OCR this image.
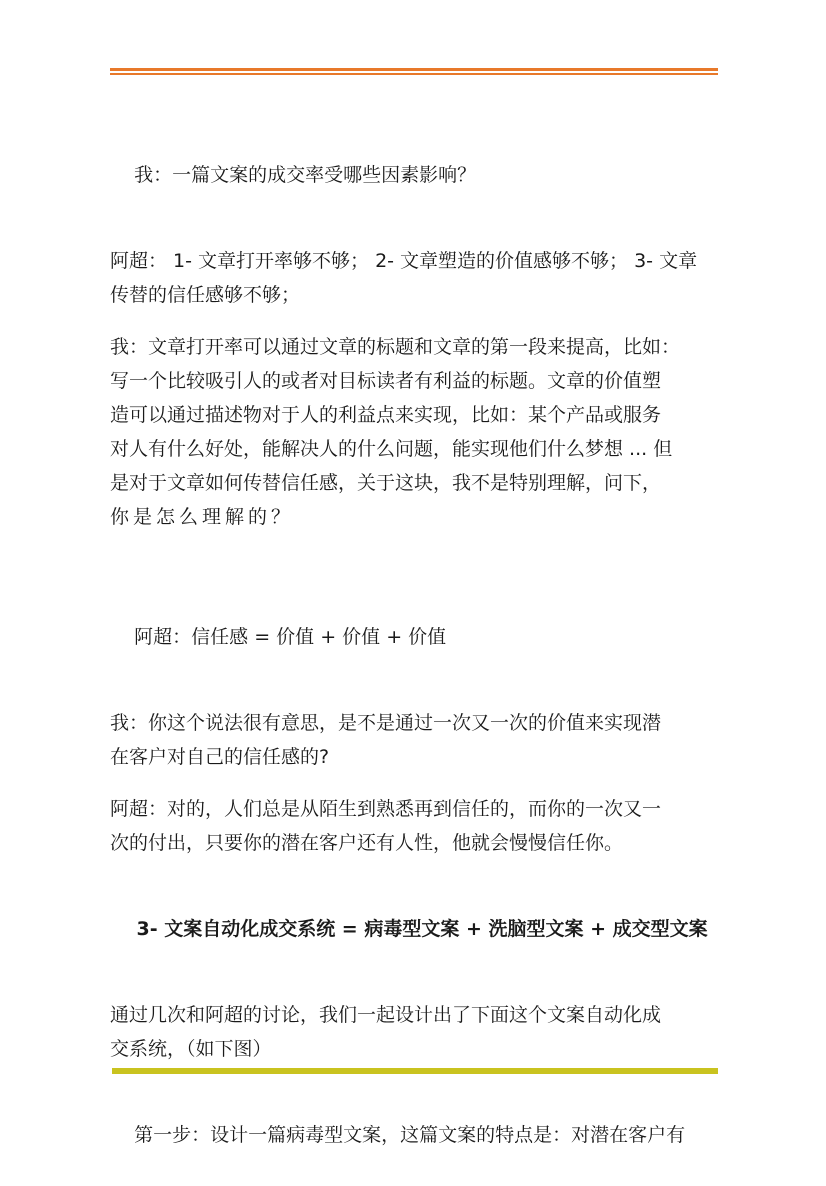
我：一篇文案的成交率受哪些因素影响？

阿超： 1- 文章打开率够不够； 2- 文章塑造的价值感够不够； 3- 文章
传替的信任感够不够；

我：文章打开率可以通过文章的标题和文章的第一段来提高，比如：
写一个比较吸引人的或者对目标读者有利益的标题。文章的价值塑
造可以通过描述物对于人的利益点来实现，比如：某个产品或服务
对人有什么好处，能解决人的什么问题，能实现他们什么梦想 ... 但
是对于文章如何传替信任感，关于这块，我不是特别理解，问下，
你是怎么理解的？

阿超：信任感 = 价值 + 价值 + 价值

我：你这个说法很有意思，是不是通过一次又一次的价值来实现潜
在客户对自己的信任感的?

阿超：对的，人们总是从陌生到熟悉再到信任的，而你的一次又一
次的付出，只要你的潜在客户还有人性，他就会慢慢信任你。

3- 文案自动化成交系统 = 病毒型文案 + 洗脑型文案 + 成交型文案

通过几次和阿超的讨论，我们一起设计出了下面这个文案自动化成
交系统，（如下图）

第一步：设计一篇病毒型文案，这篇文案的特点是：对潜在客户有
